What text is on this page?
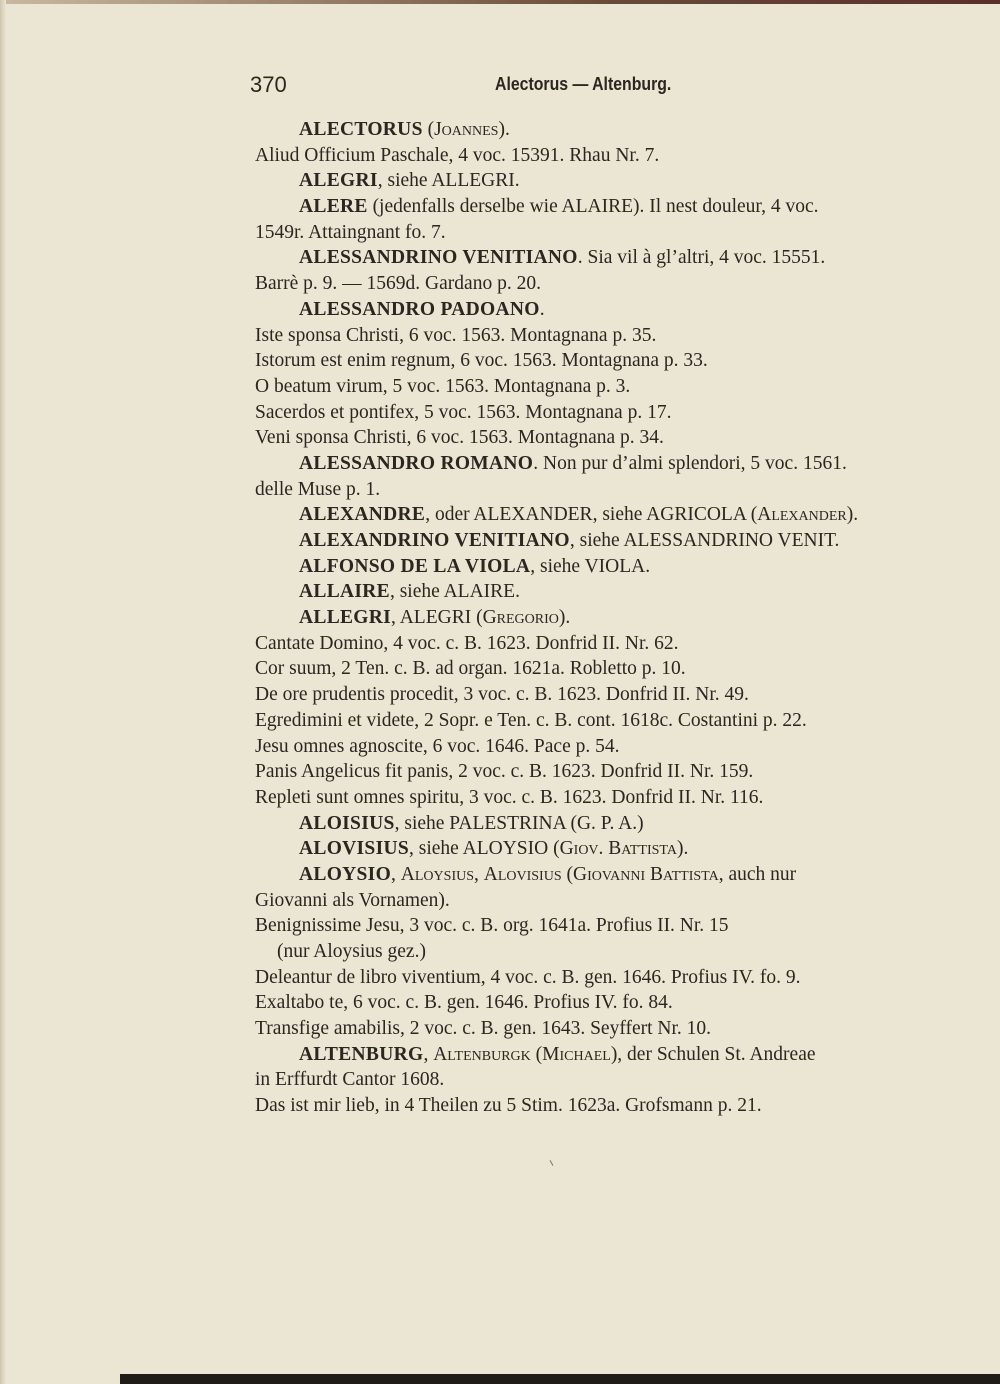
370	Alectorus — Altenburg.
ALECTORUS (Joannes).
Aliud Officium Paschale, 4 voc. 15391. Rhau Nr. 7.
ALEGRI, siehe ALLEGRI.
ALERE (jedenfalls derselbe wie ALAIRE). Il nest douleur, 4 voc.
1549r. Attaingnant fo. 7.
ALESSANDRINO VENITIANO. Sia vil à gl’altri, 4 voc. 15551.
Barrè p. 9. — 1569d. Gardano p. 20.
ALESSANDRO PADOANO.
Iste sponsa Christi, 6 voc. 1563. Montagnana p. 35.
Istorum est enim regnum, 6 voc. 1563. Montagnana p. 33.
O beatum virum, 5 voc. 1563. Montagnana p. 3.
Sacerdos et pontifex, 5 voc. 1563. Montagnana p. 17.
Veni sponsa Christi, 6 voc. 1563. Montagnana p. 34.
ALESSANDRO ROMANO. Non pur d’almi splendori, 5 voc. 1561.
delle Muse p. 1.
ALEXANDRE, oder ALEXANDER, siehe AGRICOLA (Alexander).
ALEXANDRINO VENITIANO, siehe ALESSANDRINO VENIT.
ALFONSO DE LA VIOLA, siehe VIOLA.
ALLAIRE, siehe ALAIRE.
ALLEGRI, ALEGRI (Gregorio).
Cantate Domino, 4 voc. c. B. 1623. Donfrid II. Nr. 62.
Cor suum, 2 Ten. c. B. ad organ. 1621a. Robletto p. 10.
De ore prudentis procedit, 3 voc. c. B. 1623. Donfrid II. Nr. 49.
Egredimini et videte, 2 Sopr. e Ten. c. B. cont. 1618c. Costantini p. 22.
Jesu omnes agnoscite, 6 voc. 1646. Pace p. 54.
Panis Angelicus fit panis, 2 voc. c. B. 1623. Donfrid II. Nr. 159.
Repleti sunt omnes spiritu, 3 voc. c. B. 1623. Donfrid II. Nr. 116.
ALOISIUS, siehe PALESTRINA (G. P. A.)
ALOVISIUS, siehe ALOYSIO (Giov. Battista).
ALOYSIO, Aloysius, Alovisius (Giovanni Battista, auch nur
Giovanni als Vornamen).
Benignissime Jesu, 3 voc. c. B. org. 1641a. Profius II. Nr. 15
(nur Aloysius gez.)
Deleantur de libro viventium, 4 voc. c. B. gen. 1646. Profius IV. fo. 9.
Exaltabo te, 6 voc. c. B. gen. 1646. Profius IV. fo. 84.
Transfige amabilis, 2 voc. c. B. gen. 1643. Seyffert Nr. 10.
ALTENBURG, Altenburgk (Michael), der Schulen St. Andreae
in Erffurdt Cantor 1608.
Das ist mir lieb, in 4 Theilen zu 5 Stim. 1623a. Grofsmann p. 21.
